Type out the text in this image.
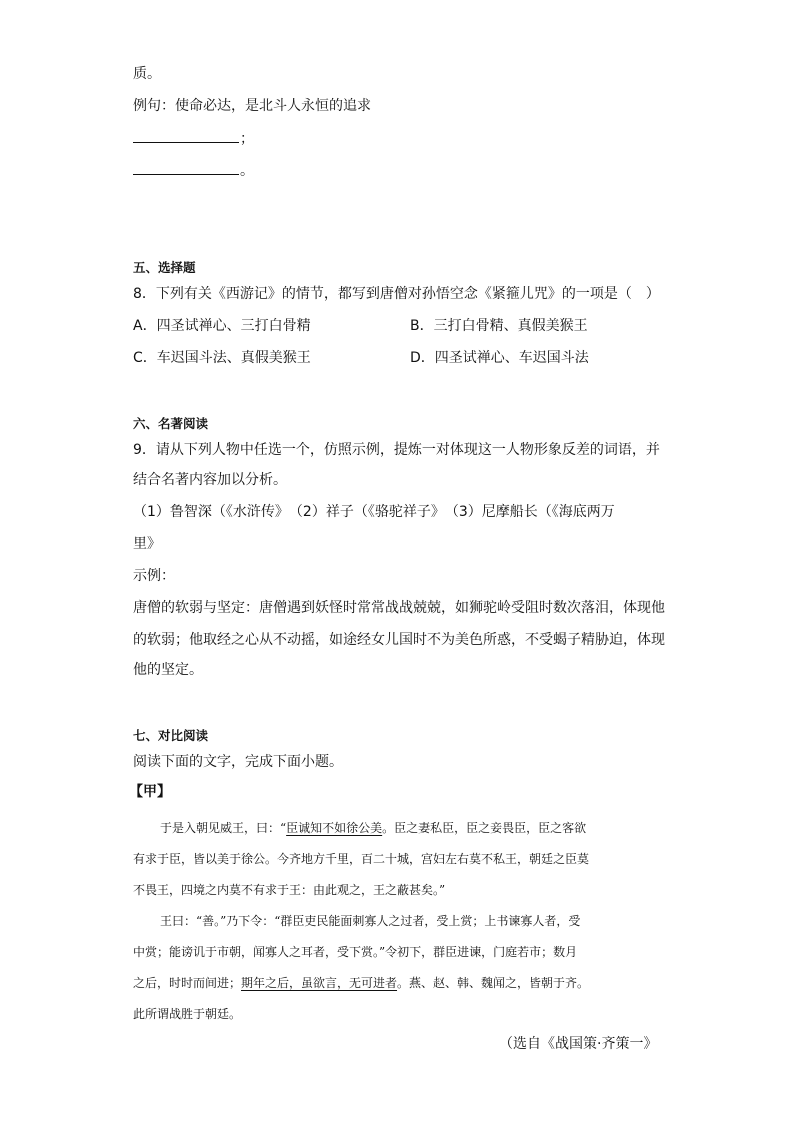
质。
例句：使命必达，是北斗人永恒的追求
；
。
五、选择题
8．下列有关《西游记》的情节，都写到唐僧对孙悟空念《紧箍儿咒》的一项是（　）
A．四圣试禅心、三打白骨精	B．三打白骨精、真假美猴王
C．车迟国斗法、真假美猴王	D．四圣试禅心、车迟国斗法
六、名著阅读
9．请从下列人物中任选一个，仿照示例，提炼一对体现这一人物形象反差的词语，并
结合名著内容加以分析。
（1）鲁智深（《水浒传》　（2）祥子（《骆驼祥子》　（3）尼摩船长（《海底两万
里》
示例：
唐僧的软弱与坚定：唐僧遇到妖怪时常常战战兢兢，如狮驼岭受阻时数次落泪，体现他
的软弱；他取经之心从不动摇，如途经女儿国时不为美色所惑，不受蝎子精胁迫，体现
他的坚定。
七、对比阅读
阅读下面的文字，完成下面小题。
【甲】
于是入朝见威王，曰：“臣诚知不如徐公美。臣之妻私臣，臣之妾畏臣，臣之客欲
有求于臣，皆以美于徐公。今齐地方千里，百二十城，宫妇左右莫不私王，朝廷之臣莫
不畏王，四境之内莫不有求于王：由此观之，王之蔽甚矣。”
王曰：“善。”乃下令：“群臣吏民能面刺寡人之过者，受上赏；上书谏寡人者，受
中赏；能谤讥于市朝，闻寡人之耳者，受下赏。”令初下，群臣进谏，门庭若市；数月
之后，时时而间进；期年之后，虽欲言，无可进者。燕、赵、韩、魏闻之，皆朝于齐。
此所谓战胜于朝廷。
（选自《战国策·齐策一》
